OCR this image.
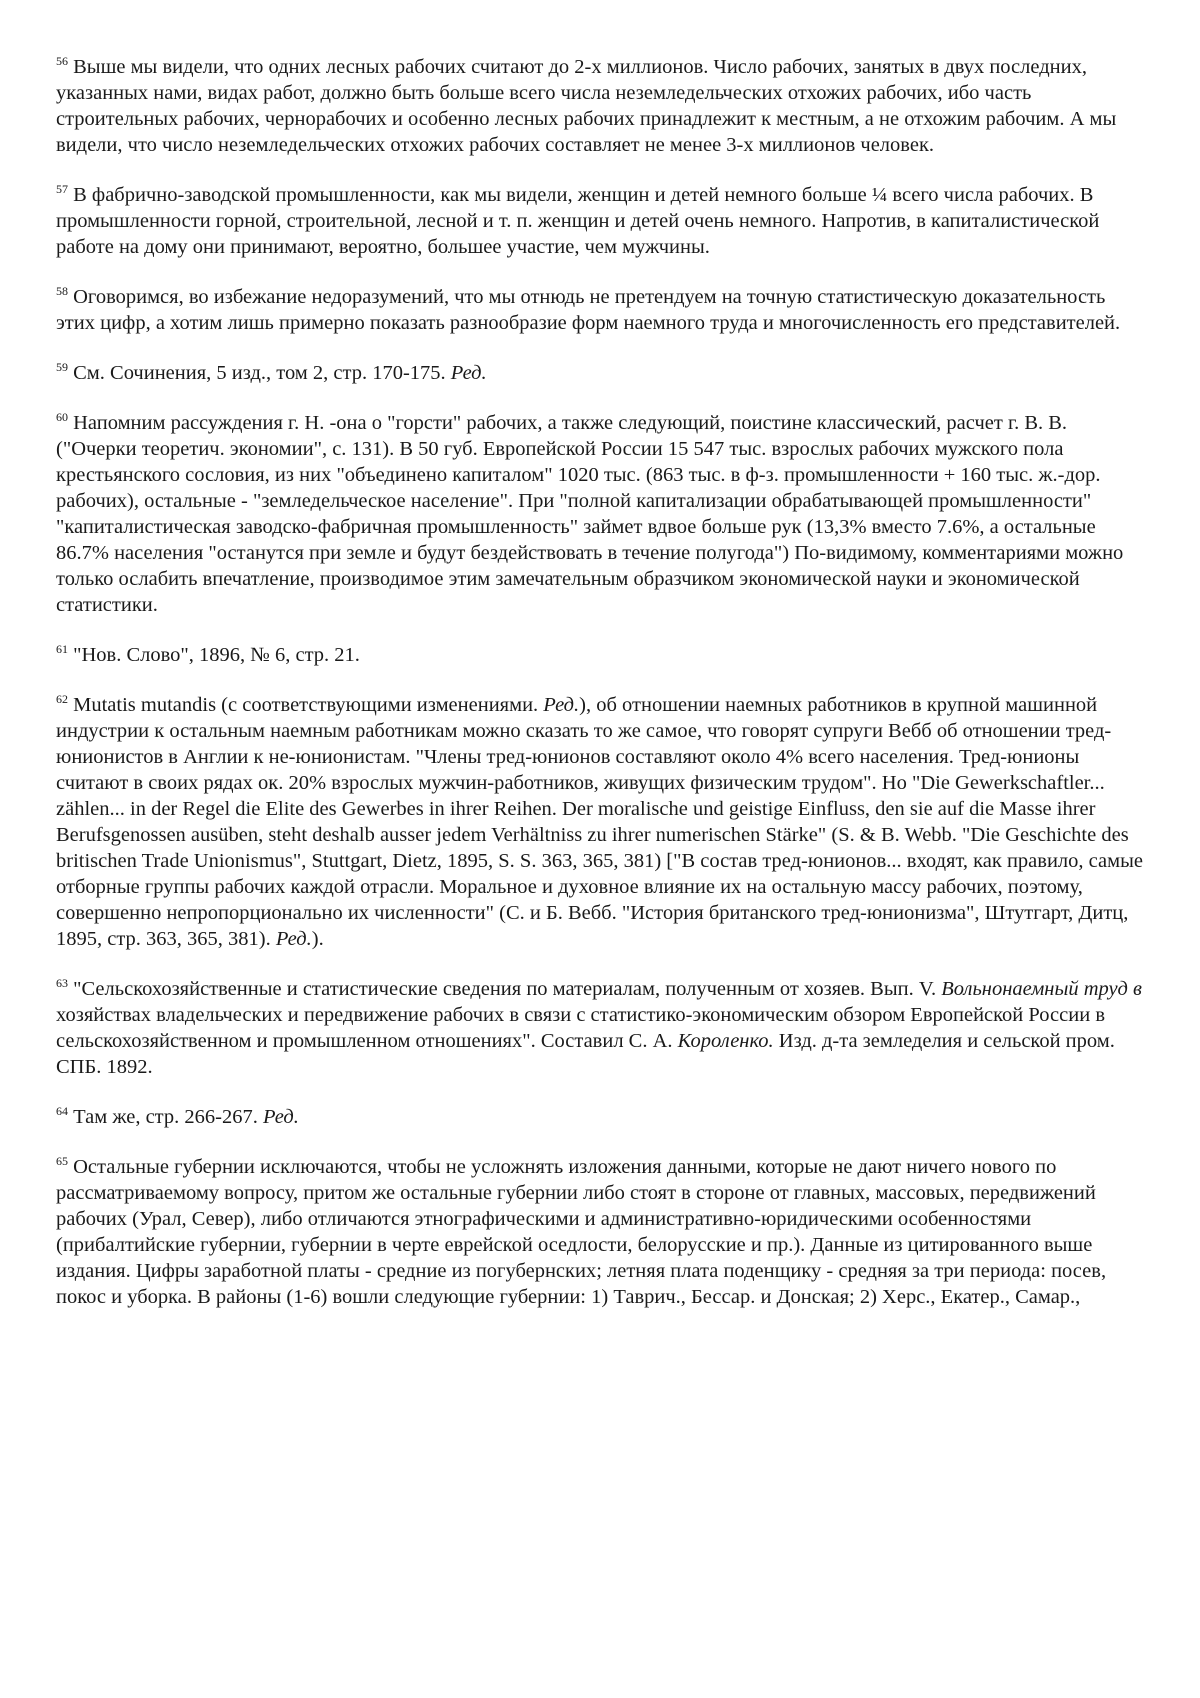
$^{56}$ Выше мы видели, что одних лесных рабочих считают до 2-х миллионов. Число рабочих, занятых в двух последних, указанных нами, видах работ, должно быть больше всего числа неземледельческих отхожих рабочих, ибо часть строительных рабочих, чернорабочих и особенно лесных рабочих принадлежит к местным, а не отхожим рабочим. А мы видели, что число неземледельческих отхожих рабочих составляет не менее 3-х миллионов человек.

$^{57}$ В фабрично-заводской промышленности, как мы видели, женщин и детей немного больше ¼ всего числа рабочих. В промышленности горной, строительной, лесной и т. п. женщин и детей очень немного. Напротив, в капиталистической работе на дому они принимают, вероятно, большее участие, чем мужчины.

$^{58}$ Оговоримся, во избежание недоразумений, что мы отнюдь не претендуем на точную статистическую доказательность этих цифр, а хотим лишь примерно показать разнообразие форм наемного труда и многочисленность его представителей.

$^{59}$ См. Сочинения, 5 изд., том 2, стр. 170-175. Ред.

$^{60}$ Напомним рассуждения г. Н. -она о "горсти" рабочих, а также следующий, поистине классический, расчет г. В. В. ("Очерки теоретич. экономии", с. 131). В 50 губ. Европейской России 15 547 тыс. взрослых рабочих мужского пола крестьянского сословия, из них "объединено капиталом" 1020 тыс. (863 тыс. в ф-з. промышленности + 160 тыс. ж.-дор. рабочих), остальные - "земледельческое население". При "полной капитализации обрабатывающей промышленности" "капиталистическая заводско-фабричная промышленность" займет вдвое больше рук (13,3% вместо 7.6%, а остальные 86.7% населения "останутся при земле и будут бездействовать в течение полугода") По-видимому, комментариями можно только ослабить впечатление, производимое этим замечательным образчиком экономической науки и экономической статистики.

$^{61}$ "Нов. Слово", 1896, № 6, стр. 21.

$^{62}$ Mutatis mutandis (с соответствующими изменениями. Ред.), об отношении наемных работников в крупной машинной индустрии к остальным наемным работникам можно сказать то же самое, что говорят супруги Вебб об отношении тред-юнионистов в Англии к не-юнионистам. "Члены тред-юнионов составляют около 4% всего населения. Тред-юнионы считают в своих рядах ок. 20% взрослых мужчин-работников, живущих физическим трудом". Но "Die Gewerkschaftler... zählen... in der Regel die Elite des Gewerbes in ihrer Reihen. Der moralische und geistige Einfluss, den sie auf die Masse ihrer Berufsgenossen ausüben, steht deshalb ausser jedem Verhältniss zu ihrer numerischen Stärke" (S. & B. Webb. "Die Geschichte des britischen Trade Unionismus", Stuttgart, Dietz, 1895, S. S. 363, 365, 381) ["В состав тред-юнионов... входят, как правило, самые отборные группы рабочих каждой отрасли. Моральное и духовное влияние их на остальную массу рабочих, поэтому, совершенно непропорционально их численности" (С. и Б. Вебб. "История британского тред-юнионизма", Штутгарт, Дитц, 1895, стр. 363, 365, 381). Ред.).

$^{63}$ "Сельскохозяйственные и статистические сведения по материалам, полученным от хозяев. Вып. V. Вольнонаемный труд в хозяйствах владельческих и передвижение рабочих в связи с статистико-экономическим обзором Европейской России в сельскохозяйственном и промышленном отношениях". Составил С. А. Короленко. Изд. д-та земледелия и сельской пром. СПБ. 1892.

$^{64}$ Там же, стр. 266-267. Ред.

$^{65}$ Остальные губернии исключаются, чтобы не усложнять изложения данными, которые не дают ничего нового по рассматриваемому вопросу, притом же остальные губернии либо стоят в стороне от главных, массовых, передвижений рабочих (Урал, Север), либо отличаются этнографическими и административно-юридическими особенностями (прибалтийские губернии, губернии в черте еврейской оседлости, белорусские и пр.). Данные из цитированного выше издания. Цифры заработной платы - средние из погубернских; летняя плата поденщику - средняя за три периода: посев, покос и уборка. В районы (1-6) вошли следующие губернии: 1) Таврич., Бессар. и Донская; 2) Херс., Екатер., Самар.,
